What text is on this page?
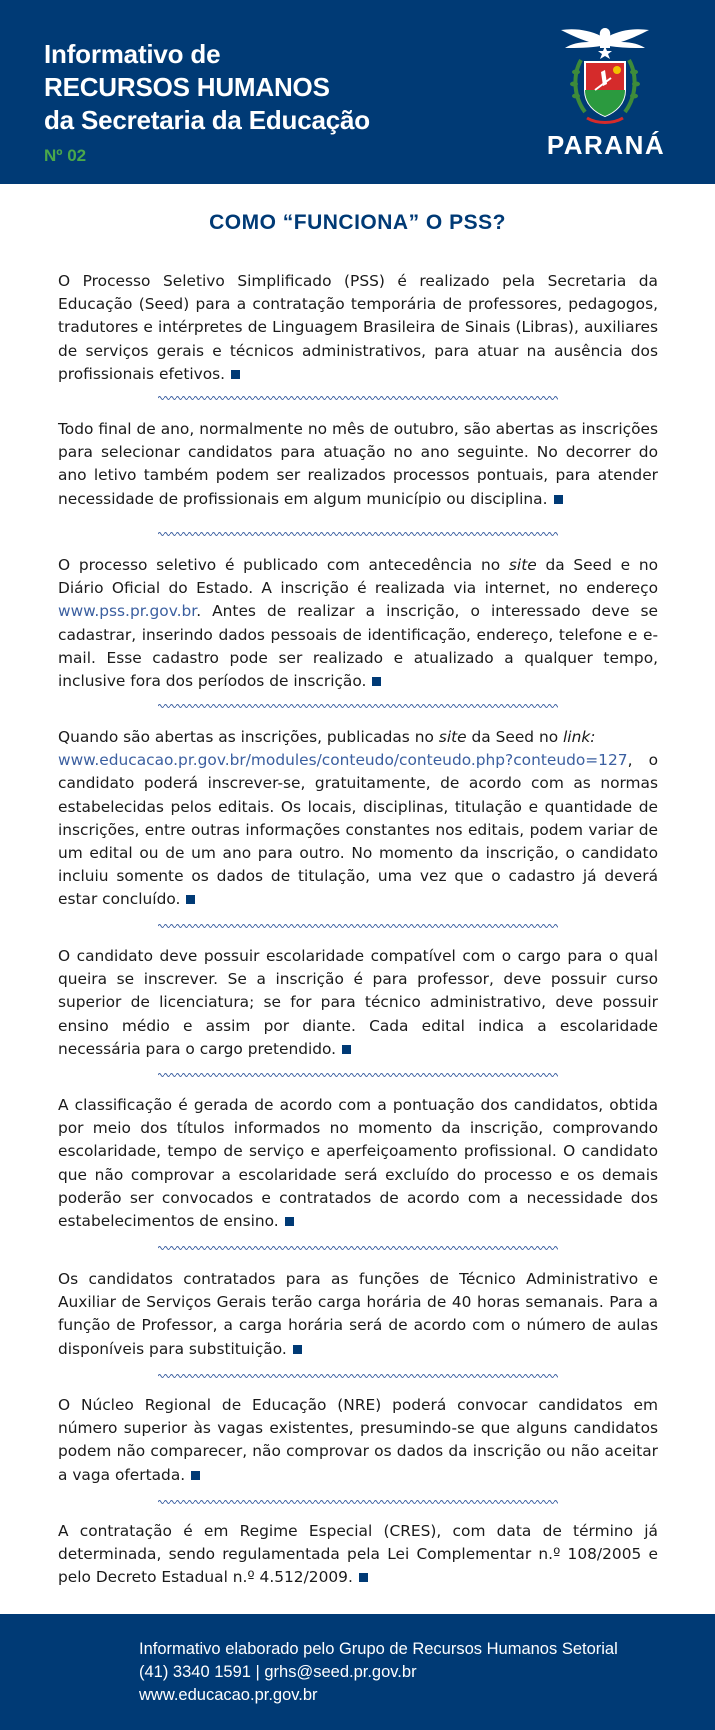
Informativo de
RECURSOS HUMANOS
da Secretaria da Educação
Nº 02	PARANÁ
COMO “FUNCIONA” O PSS?
O Processo Seletivo Simplificado (PSS) é realizado pela Secretaria da Educação (Seed) para a contratação temporária de professores, pedagogos, tradutores e intérpretes de Linguagem Brasileira de Sinais (Libras), auxiliares de serviços gerais e técnicos administrativos, para atuar na ausência dos profissionais efetivos.
Todo final de ano, normalmente no mês de outubro, são abertas as inscrições para selecionar candidatos para atuação no ano seguinte. No decorrer do ano letivo também podem ser realizados processos pontuais, para atender necessidade de profissionais em algum município ou disciplina.
O processo seletivo é publicado com antecedência no site da Seed e no Diário Oficial do Estado. A inscrição é realizada via internet, no endereço www.pss.pr.gov.br. Antes de realizar a inscrição, o interessado deve se cadastrar, inserindo dados pessoais de identificação, endereço, telefone e e-mail. Esse cadastro pode ser realizado e atualizado a qualquer tempo, inclusive fora dos períodos de inscrição.
Quando são abertas as inscrições, publicadas no site da Seed no link:
www.educacao.pr.gov.br/modules/conteudo/conteudo.php?conteudo=127, o candidato poderá inscrever-se, gratuitamente, de acordo com as normas estabelecidas pelos editais. Os locais, disciplinas, titulação e quantidade de inscrições, entre outras informações constantes nos editais, podem variar de um edital ou de um ano para outro. No momento da inscrição, o candidato incluiu somente os dados de titulação, uma vez que o cadastro já deverá estar concluído.
O candidato deve possuir escolaridade compatível com o cargo para o qual queira se inscrever. Se a inscrição é para professor, deve possuir curso superior de licenciatura; se for para técnico administrativo, deve possuir ensino médio e assim por diante. Cada edital indica a escolaridade necessária para o cargo pretendido.
A classificação é gerada de acordo com a pontuação dos candidatos, obtida por meio dos títulos informados no momento da inscrição, comprovando escolaridade, tempo de serviço e aperfeiçoamento profissional. O candidato que não comprovar a escolaridade será excluído do processo e os demais poderão ser convocados e contratados de acordo com a necessidade dos estabelecimentos de ensino.
Os candidatos contratados para as funções de Técnico Administrativo e Auxiliar de Serviços Gerais terão carga horária de 40 horas semanais. Para a função de Professor, a carga horária será de acordo com o número de aulas disponíveis para substituição.
O Núcleo Regional de Educação (NRE) poderá convocar candidatos em número superior às vagas existentes, presumindo-se que alguns candidatos podem não comparecer, não comprovar os dados da inscrição ou não aceitar a vaga ofertada.
A contratação é em Regime Especial (CRES), com data de término já determinada, sendo regulamentada pela Lei Complementar n.º 108/2005 e pelo Decreto Estadual n.º 4.512/2009.
Informativo elaborado pelo Grupo de Recursos Humanos Setorial
(41) 3340 1591 | grhs@seed.pr.gov.br
www.educacao.pr.gov.br
